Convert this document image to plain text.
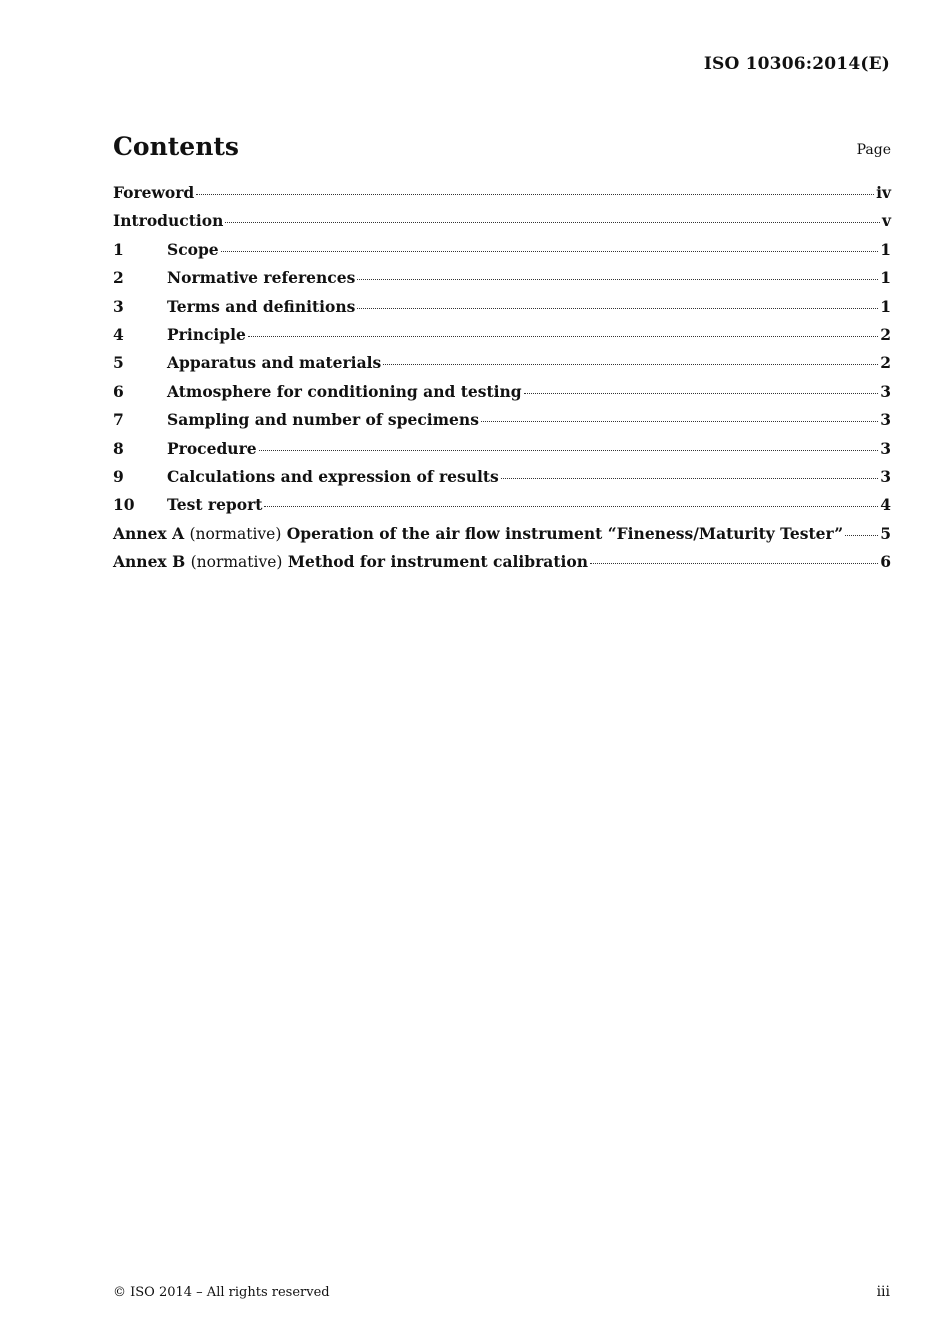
ISO 10306:2014(E)
Contents	Page
Foreword	iv
Introduction	v
1	Scope	1
2	Normative references	1
3	Terms and definitions	1
4	Principle	2
5	Apparatus and materials	2
6	Atmosphere for conditioning and testing	3
7	Sampling and number of specimens	3
8	Procedure	3
9	Calculations and expression of results	3
10	Test report	4
Annex A (normative) Operation of the air flow instrument “Fineness/Maturity Tester” 5
Annex B (normative) Method for instrument calibration	6
© ISO 2014 – All rights reserved	iii
